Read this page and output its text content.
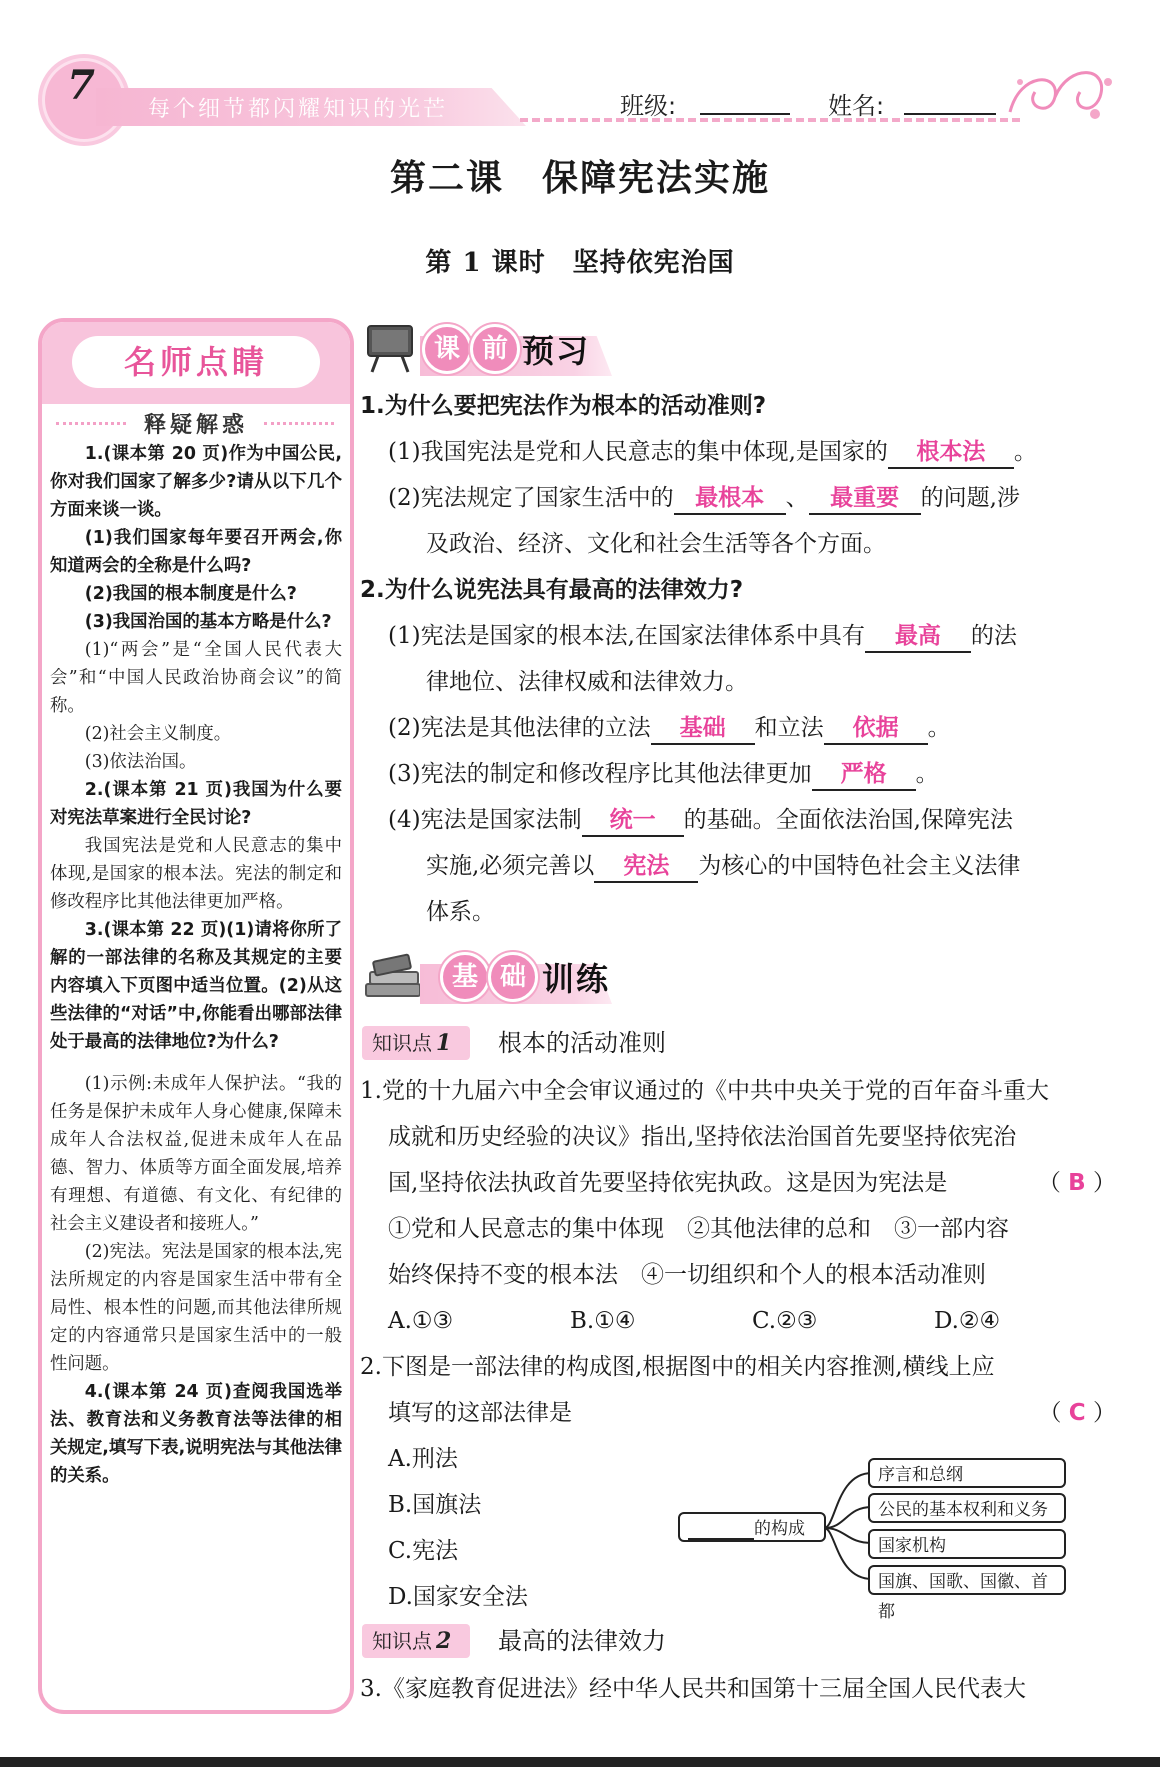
7
每个细节都闪耀知识的光芒	班级:	姓名:
第二课　保障宪法实施
第 1 课时　坚持依宪治国
名师点睛
释疑解惑

1.(课本第 20 页)作为中国公民,你对我们国家了解多少?请从以下几个方面来谈一谈。

(1)我们国家每年要召开两会,你知道两会的全称是什么吗?

(2)我国的根本制度是什么?

(3)我国治国的基本方略是什么?

(1)“两会”是“全国人民代表大会”和“中国人民政治协商会议”的简称。

(2)社会主义制度。

(3)依法治国。

2.(课本第 21 页)我国为什么要对宪法草案进行全民讨论?

我国宪法是党和人民意志的集中体现,是国家的根本法。宪法的制定和修改程序比其他法律更加严格。

3.(课本第 22 页)(1)请将你所了解的一部法律的名称及其规定的主要内容填入下页图中适当位置。(2)从这些法律的“对话”中,你能看出哪部法律处于最高的法律地位?为什么?

(1)示例:未成年人保护法。“我的任务是保护未成年人身心健康,保障未成年人合法权益,促进未成年人在品德、智力、体质等方面全面发展,培养有理想、有道德、有文化、有纪律的社会主义建设者和接班人。”

(2)宪法。宪法是国家的根本法,宪法所规定的内容是国家生活中带有全局性、根本性的问题,而其他法律所规定的内容通常只是国家生活中的一般性问题。

4.(课本第 24 页)查阅我国选举法、教育法和义务教育法等法律的相关规定,填写下表,说明宪法与其他法律的关系。

课 前 预习

1.为什么要把宪法作为根本的活动准则?

(1)我国宪法是党和人民意志的集中体现,是国家的 根本法 。

(2)宪法规定了国家生活中的 最根本 、 最重要 的问题,涉

及政治、经济、文化和社会生活等各个方面。

2.为什么说宪法具有最高的法律效力?

(1)宪法是国家的根本法,在国家法律体系中具有 最高 的法

律地位、法律权威和法律效力。

(2)宪法是其他法律的立法 基础 和立法 依据 。

(3)宪法的制定和修改程序比其他法律更加 严格 。

(4)宪法是国家法制 统一 的基础。全面依法治国,保障宪法

实施,必须完善以 宪法 为核心的中国特色社会主义法律

体系。

基 础 训练
知识点 1	根本的活动准则

1.党的十九届六中全会审议通过的《中共中央关于党的百年奋斗重大

成就和历史经验的决议》指出,坚持依法治国首先要坚持依宪治

国,坚持依法执政首先要坚持依宪执政。这是因为宪法是	（ B ）

①党和人民意志的集中体现　②其他法律的总和　③一部内容

始终保持不变的根本法　④一切组织和个人的根本活动准则

A.①③	B.①④	C.②③	D.②④

2.下图是一部法律的构成图,根据图中的相关内容推测,横线上应

填写的这部法律是	（ C ）

A.刑法

B.国旗法

C.宪法

D.国家安全法

的构成
序言和总纲
公民的基本权利和义务
国家机构
国旗、国歌、国徽、首都
知识点 2	最高的法律效力

3.《家庭教育促进法》经中华人民共和国第十三届全国人民代表大
